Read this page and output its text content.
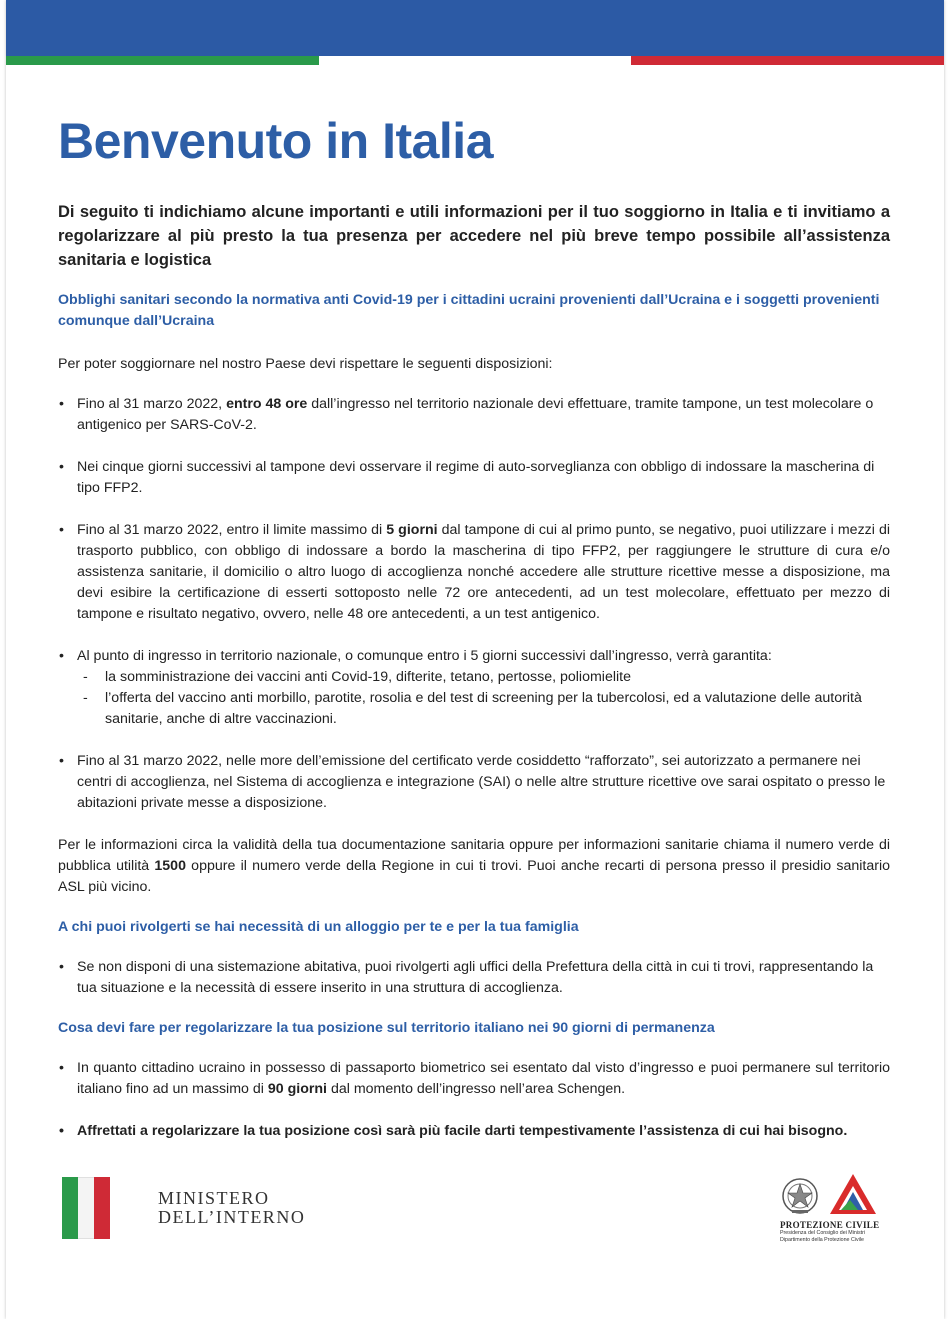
Benvenuto in Italia

Di seguito ti indichiamo alcune importanti e utili informazioni per il tuo soggiorno in Italia e ti invitiamo a regolarizzare al più presto la tua presenza per accedere nel più breve tempo possibile all’assistenza sanitaria e logistica

Obblighi sanitari secondo la normativa anti Covid-19 per i cittadini ucraini provenienti dall’Ucraina e i soggetti provenienti comunque dall’Ucraina

Per poter soggiornare nel nostro Paese devi rispettare le seguenti disposizioni:

• Fino al 31 marzo 2022, entro 48 ore dall’ingresso nel territorio nazionale devi effettuare, tramite tampone, un test molecolare o antigenico per SARS-CoV-2.
• Nei cinque giorni successivi al tampone devi osservare il regime di auto-sorveglianza con obbligo di indossare la mascherina di tipo FFP2.
• Fino al 31 marzo 2022, entro il limite massimo di 5 giorni dal tampone di cui al primo punto, se negativo, puoi utilizzare i mezzi di trasporto pubblico, con obbligo di indossare a bordo la mascherina di tipo FFP2, per raggiungere le strutture di cura e/o assistenza sanitarie, il domicilio o altro luogo di accoglienza nonché accedere alle strutture ricettive messe a disposizione, ma devi esibire la certificazione di esserti sottoposto nelle 72 ore antecedenti, ad un test molecolare, effettuato per mezzo di tampone e risultato negativo, ovvero, nelle 48 ore antecedenti, a un test antigenico.
• Al punto di ingresso in territorio nazionale, o comunque entro i 5 giorni successivi dall’ingresso, verrà garantita:
- la somministrazione dei vaccini anti Covid-19, difterite, tetano, pertosse, poliomielite
- l’offerta del vaccino anti morbillo, parotite, rosolia e del test di screening per la tubercolosi, ed a valutazione delle autorità sanitarie, anche di altre vaccinazioni.
• Fino al 31 marzo 2022, nelle more dell’emissione del certificato verde cosiddetto “rafforzato”, sei autorizzato a permanere nei centri di accoglienza, nel Sistema di accoglienza e integrazione (SAI) o nelle altre strutture ricettive ove sarai ospitato o presso le abitazioni private messe a disposizione.

Per le informazioni circa la validità della tua documentazione sanitaria oppure per informazioni sanitarie chiama il numero verde di pubblica utilità 1500 oppure il numero verde della Regione in cui ti trovi. Puoi anche recarti di persona presso il presidio sanitario ASL più vicino.

A chi puoi rivolgerti se hai necessità di un alloggio per te e per la tua famiglia

• Se non disponi di una sistemazione abitativa, puoi rivolgerti agli uffici della Prefettura della città in cui ti trovi, rappresentando la tua situazione e la necessità di essere inserito in una struttura di accoglienza.

Cosa devi fare per regolarizzare la tua posizione sul territorio italiano nei 90 giorni di permanenza

• In quanto cittadino ucraino in possesso di passaporto biometrico sei esentato dal visto d’ingresso e puoi permanere sul territorio italiano fino ad un massimo di 90 giorni dal momento dell’ingresso nell’area Schengen.
• Affrettati a regolarizzare la tua posizione così sarà più facile darti tempestivamente l’assistenza di cui hai bisogno.
MINISTERO
DELL’INTERNO	PROTEZIONE CIVILE
Presidenza del Consiglio dei Ministri
Dipartimento della Protezione Civile
